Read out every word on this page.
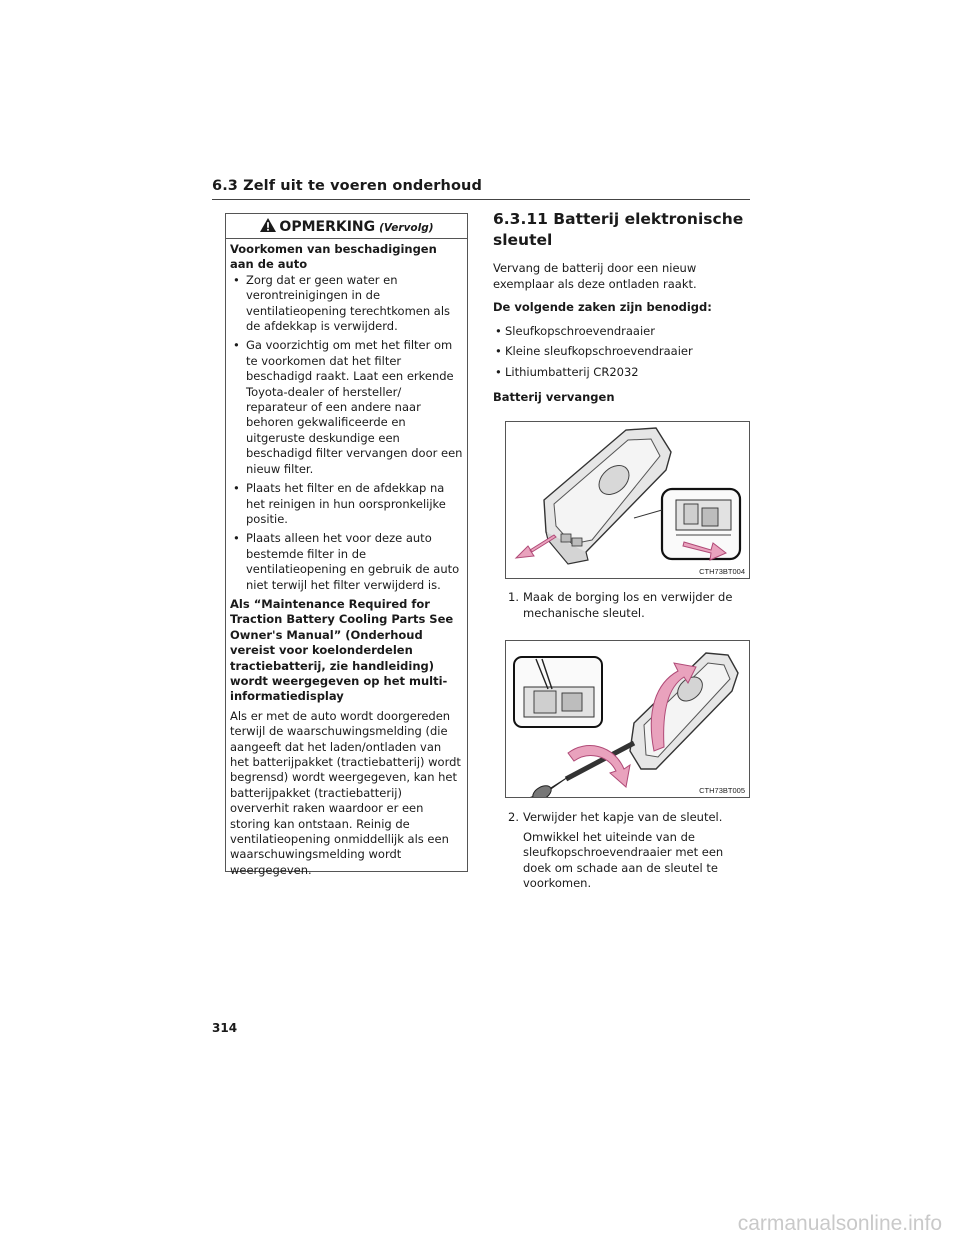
6.3 Zelf uit te voeren onderhoud
OPMERKING (Vervolg)
Voorkomen van beschadigingen aan de auto
• Zorg dat er geen water en verontreinigingen in de ventilatieopening terechtkomen als de afdekkap is verwijderd.
• Ga voorzichtig om met het filter om te voorkomen dat het filter beschadigd raakt. Laat een erkende Toyota-dealer of hersteller/ reparateur of een andere naar behoren gekwalificeerde en uitgeruste deskundige een beschadigd filter vervangen door een nieuw filter.
• Plaats het filter en de afdekkap na het reinigen in hun oorspronkelijke positie.
• Plaats alleen het voor deze auto bestemde filter in de ventilatieopening en gebruik de auto niet terwijl het filter verwijderd is.
Als “Maintenance Required for Traction Battery Cooling Parts See Owner's Manual” (Onderhoud vereist voor koelonderdelen tractiebatterij, zie handleiding) wordt weergegeven op het multi-informatiedisplay
Als er met de auto wordt doorgereden terwijl de waarschuwingsmelding (die aangeeft dat het laden/ontladen van het batterijpakket (tractiebatterij) wordt begrensd) wordt weergegeven, kan het batterijpakket (tractiebatterij) oververhit raken waardoor er een storing kan ontstaan. Reinig de ventilatieopening onmiddellijk als een waarschuwingsmelding wordt weergegeven.
6.3.11 Batterij elektronische sleutel
Vervang de batterij door een nieuw exemplaar als deze ontladen raakt.
De volgende zaken zijn benodigd:
• Sleufkopschroevendraaier
• Kleine sleufkopschroevendraaier
• Lithiumbatterij CR2032
Batterij vervangen
CTH73BT004
1. Maak de borging los en verwijder de mechanische sleutel.
CTH73BT005
2. Verwijder het kapje van de sleutel.
Omwikkel het uiteinde van de sleufkopschroevendraaier met een doek om schade aan de sleutel te voorkomen.
314
carmanualsonline.info
